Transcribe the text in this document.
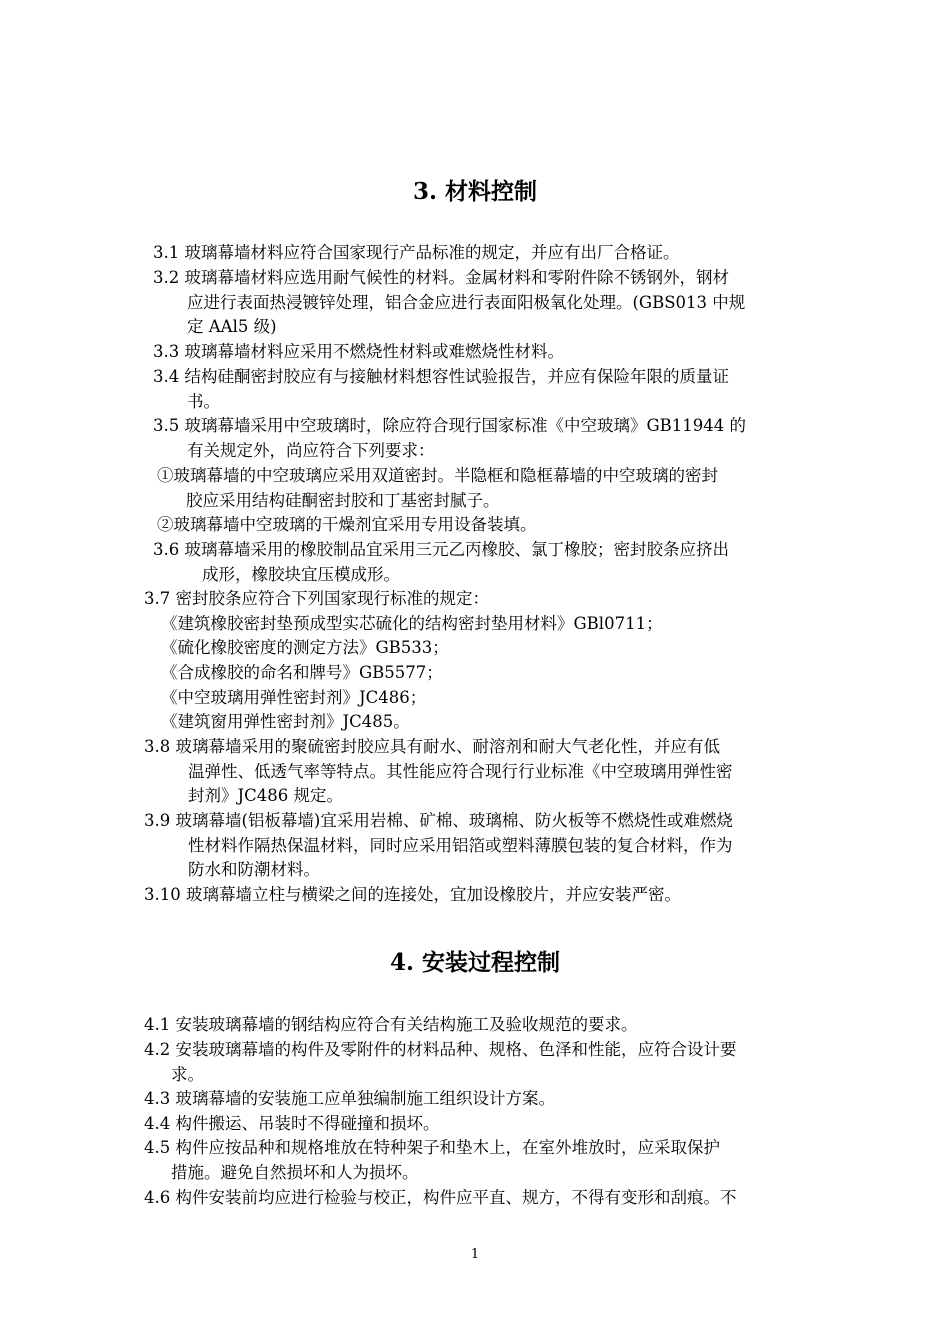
3. 材料控制
3.1 玻璃幕墙材料应符合国家现行产品标准的规定，并应有出厂合格证。
3.2 玻璃幕墙材料应选用耐气候性的材料。金属材料和零附件除不锈钢外，钢材
应进行表面热浸镀锌处理，铝合金应进行表面阳极氧化处理。(GBS013 中规
定 AAl5 级)
3.3 玻璃幕墙材料应采用不燃烧性材料或难燃烧性材料。
3.4 结构硅酮密封胶应有与接触材料想容性试验报告，并应有保险年限的质量证
书。
3.5 玻璃幕墙采用中空玻璃时，除应符合现行国家标准《中空玻璃》GB11944 的
有关规定外，尚应符合下列要求：
①玻璃幕墙的中空玻璃应采用双道密封。半隐框和隐框幕墙的中空玻璃的密封
胶应采用结构硅酮密封胶和丁基密封腻子。
②玻璃幕墙中空玻璃的干燥剂宜采用专用设备装填。
3.6 玻璃幕墙采用的橡胶制品宜采用三元乙丙橡胶、氯丁橡胶；密封胶条应挤出
成形，橡胶块宜压模成形。
3.7 密封胶条应符合下列国家现行标准的规定：
《建筑橡胶密封垫预成型实芯硫化的结构密封垫用材料》GBl0711；
《硫化橡胶密度的测定方法》GB533；
《合成橡胶的命名和牌号》GB5577；
《中空玻璃用弹性密封剂》JC486；
《建筑窗用弹性密封剂》JC485。
3.8 玻璃幕墙采用的聚硫密封胶应具有耐水、耐溶剂和耐大气老化性，并应有低
温弹性、低透气率等特点。其性能应符合现行行业标准《中空玻璃用弹性密
封剂》JC486 规定。
3.9 玻璃幕墙(铝板幕墙)宜采用岩棉、矿棉、玻璃棉、防火板等不燃烧性或难燃烧
性材料作隔热保温材料，同时应采用铝箔或塑料薄膜包装的复合材料，作为
防水和防潮材料。
3.10 玻璃幕墙立柱与横梁之间的连接处，宜加设橡胶片，并应安装严密。
4. 安装过程控制
4.1 安装玻璃幕墙的钢结构应符合有关结构施工及验收规范的要求。
4.2 安装玻璃幕墙的构件及零附件的材料品种、规格、色泽和性能，应符合设计要
求。
4.3 玻璃幕墙的安装施工应单独编制施工组织设计方案。
4.4 构件搬运、吊装时不得碰撞和损坏。
4.5 构件应按品种和规格堆放在特种架子和垫木上，在室外堆放时，应采取保护
措施。避免自然损坏和人为损坏。
4.6 构件安装前均应进行检验与校正，构件应平直、规方，不得有变形和刮痕。不
1
